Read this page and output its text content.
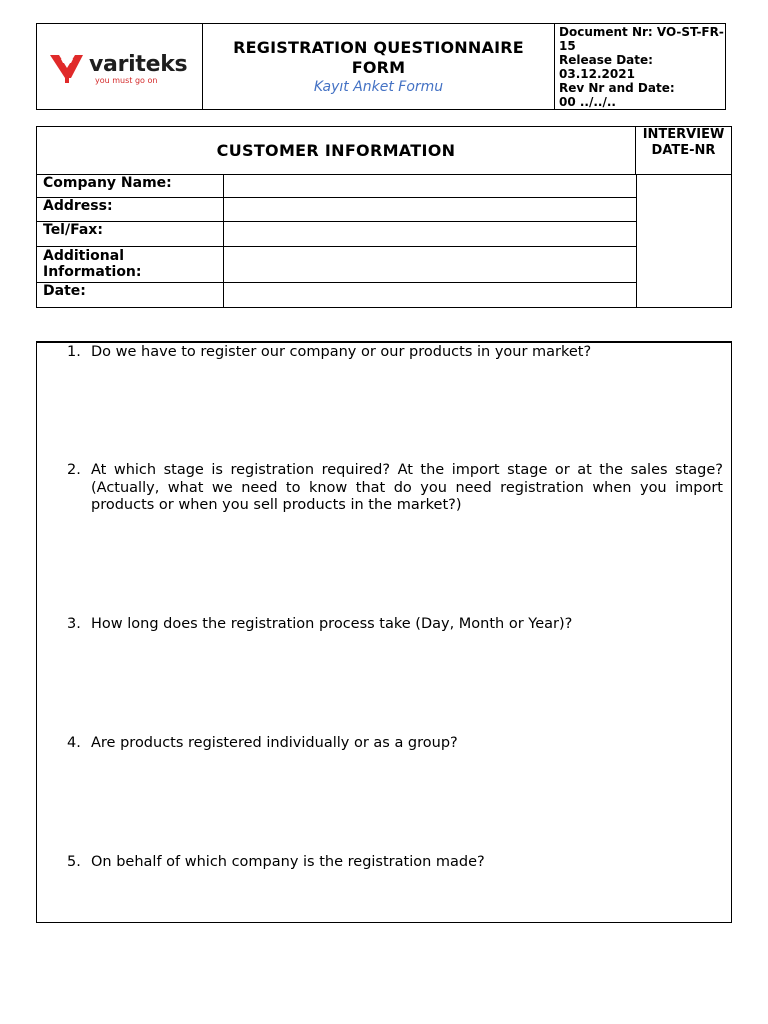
variteks
you must go on
REGISTRATION QUESTIONNAIRE
FORM
Kayıt Anket Formu
Document Nr: VO-ST-FR-15
Release Date:
03.12.2021
Rev Nr and Date:
00 ../../..
CUSTOMER INFORMATION
INTERVIEW DATE-NR
Company Name:
Address:
Tel/Fax:
Additional Information:
Date:
1. Do we have to register our company or our products in your market?
2. At which stage is registration required? At the import stage or at the sales stage? (Actually, what we need to know that do you need registration when you import products or when you sell products in the market?)
3. How long does the registration process take (Day, Month or Year)?
4. Are products registered individually or as a group?
5. On behalf of which company is the registration made?
